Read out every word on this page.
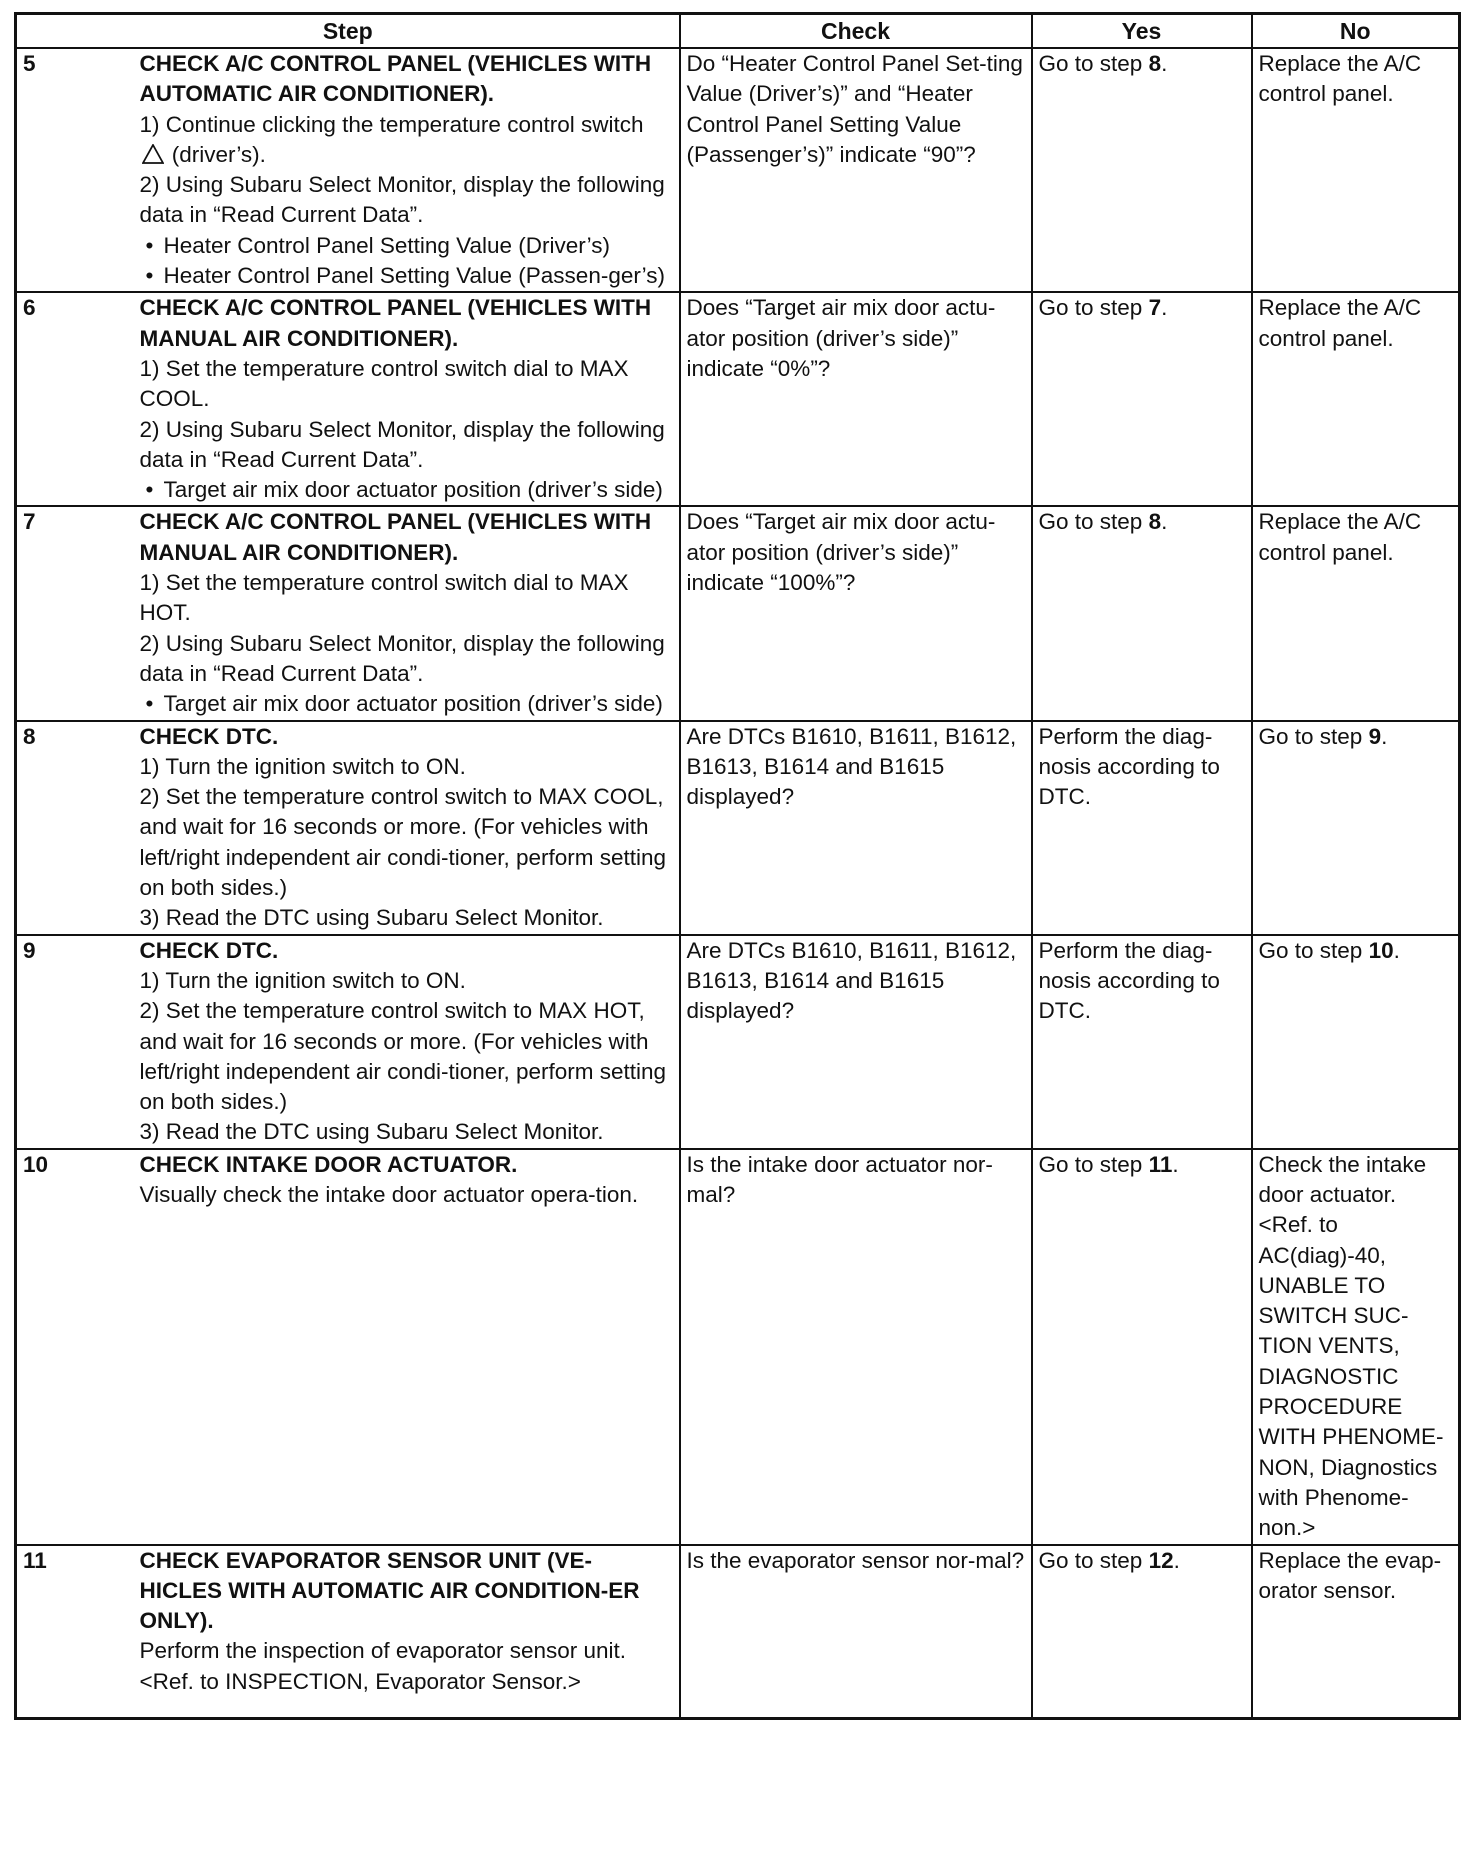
Step		Check	Yes	No
5	CHECK A/C CONTROL PANEL (VEHICLES WITH AUTOMATIC AIR CONDITIONER).
1) Continue clicking the temperature control switch  (driver’s).
2) Using Subaru Select Monitor, display the following data in “Read Current Data”.
• Heater Control Panel Setting Value (Driver’s)
• Heater Control Panel Setting Value (Passen-ger’s)	Do “Heater Control Panel Set-ting Value (Driver’s)” and “Heater Control Panel Setting Value (Passenger’s)” indicate “90”?	Go to step 8.	Replace the A/C control panel.
6	CHECK A/C CONTROL PANEL (VEHICLES WITH MANUAL AIR CONDITIONER).
1) Set the temperature control switch dial to MAX COOL.
2) Using Subaru Select Monitor, display the following data in “Read Current Data”.
• Target air mix door actuator position (driver’s side)	Does “Target air mix door actu-ator position (driver’s side)” indicate “0%”?	Go to step 7.	Replace the A/C control panel.
7	CHECK A/C CONTROL PANEL (VEHICLES WITH MANUAL AIR CONDITIONER).
1) Set the temperature control switch dial to MAX HOT.
2) Using Subaru Select Monitor, display the following data in “Read Current Data”.
• Target air mix door actuator position (driver’s side)	Does “Target air mix door actu-ator position (driver’s side)” indicate “100%”?	Go to step 8.	Replace the A/C control panel.
8	CHECK DTC.
1) Turn the ignition switch to ON.
2) Set the temperature control switch to MAX COOL, and wait for 16 seconds or more. (For vehicles with left/right independent air condi-tioner, perform setting on both sides.)
3) Read the DTC using Subaru Select Monitor.	Are DTCs B1610, B1611, B1612, B1613, B1614 and B1615 displayed?	Perform the diag-nosis according to DTC.	Go to step 9.
9	CHECK DTC.
1) Turn the ignition switch to ON.
2) Set the temperature control switch to MAX HOT, and wait for 16 seconds or more. (For vehicles with left/right independent air condi-tioner, perform setting on both sides.)
3) Read the DTC using Subaru Select Monitor.	Are DTCs B1610, B1611, B1612, B1613, B1614 and B1615 displayed?	Perform the diag-nosis according to DTC.	Go to step 10.
10	CHECK INTAKE DOOR ACTUATOR.
Visually check the intake door actuator opera-tion.	Is the intake door actuator nor-mal?	Go to step 11.	Check the intake door actuator. <Ref. to AC(diag)-40, UNABLE TO SWITCH SUC-TION VENTS, DIAGNOSTIC PROCEDURE WITH PHENOME-NON, Diagnostics with Phenome-non.>
11	CHECK EVAPORATOR SENSOR UNIT (VE-HICLES WITH AUTOMATIC AIR CONDITION-ER ONLY).
Perform the inspection of evaporator sensor unit. <Ref. to INSPECTION, Evaporator Sensor.>	Is the evaporator sensor nor-mal?	Go to step 12.	Replace the evap-orator sensor.
